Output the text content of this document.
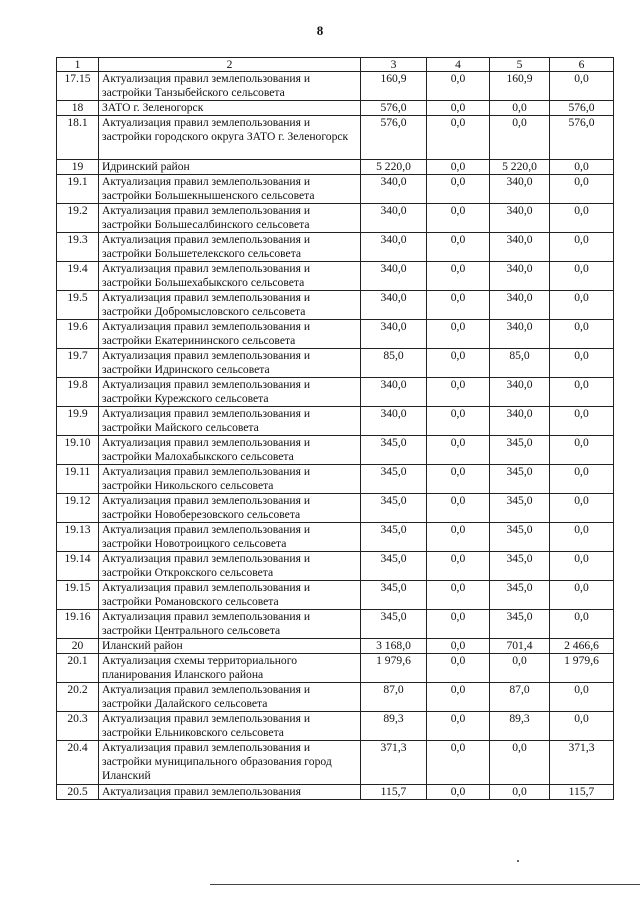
8
1	2	3	4	5	6
17.15	Актуализация правил землепользования и застройки Танзыбейского сельсовета	160,9	0,0	160,9	0,0
18	ЗАТО г. Зеленогорск	576,0	0,0	0,0	576,0
18.1	Актуализация правил землепользования и застройки городского округа ЗАТО г. Зеленогорск	576,0	0,0	0,0	576,0
19	Идринский район	5 220,0	0,0	5 220,0	0,0
19.1	Актуализация правил землепользования и застройки Большекнышенского сельсовета	340,0	0,0	340,0	0,0
19.2	Актуализация правил землепользования и застройки Большесалбинского сельсовета	340,0	0,0	340,0	0,0
19.3	Актуализация правил землепользования и застройки Большетелекского сельсовета	340,0	0,0	340,0	0,0
19.4	Актуализация правил землепользования и застройки Большехабыкского сельсовета	340,0	0,0	340,0	0,0
19.5	Актуализация правил землепользования и застройки Добромысловского сельсовета	340,0	0,0	340,0	0,0
19.6	Актуализация правил землепользования и застройки Екатерининского сельсовета	340,0	0,0	340,0	0,0
19.7	Актуализация правил землепользования и застройки Идринского сельсовета	85,0	0,0	85,0	0,0
19.8	Актуализация правил землепользования и застройки Курежского сельсовета	340,0	0,0	340,0	0,0
19.9	Актуализация правил землепользования и застройки Майского сельсовета	340,0	0,0	340,0	0,0
19.10	Актуализация правил землепользования и застройки Малохабыкского сельсовета	345,0	0,0	345,0	0,0
19.11	Актуализация правил землепользования и застройки Никольского сельсовета	345,0	0,0	345,0	0,0
19.12	Актуализация правил землепользования и застройки Новоберезовского сельсовета	345,0	0,0	345,0	0,0
19.13	Актуализация правил землепользования и застройки Новотроицкого сельсовета	345,0	0,0	345,0	0,0
19.14	Актуализация правил землепользования и застройки Открокского сельсовета	345,0	0,0	345,0	0,0
19.15	Актуализация правил землепользования и застройки Романовского сельсовета	345,0	0,0	345,0	0,0
19.16	Актуализация правил землепользования и застройки Центрального сельсовета	345,0	0,0	345,0	0,0
20	Иланский район	3 168,0	0,0	701,4	2 466,6
20.1	Актуализация схемы территориального планирования Иланского района	1 979,6	0,0	0,0	1 979,6
20.2	Актуализация правил землепользования и застройки Далайского сельсовета	87,0	0,0	87,0	0,0
20.3	Актуализация правил землепользования и застройки Ельниковского сельсовета	89,3	0,0	89,3	0,0
20.4	Актуализация правил землепользования и застройки муниципального образования город Иланский	371,3	0,0	0,0	371,3
20.5	Актуализация правил землепользования	115,7	0,0	0,0	115,7
